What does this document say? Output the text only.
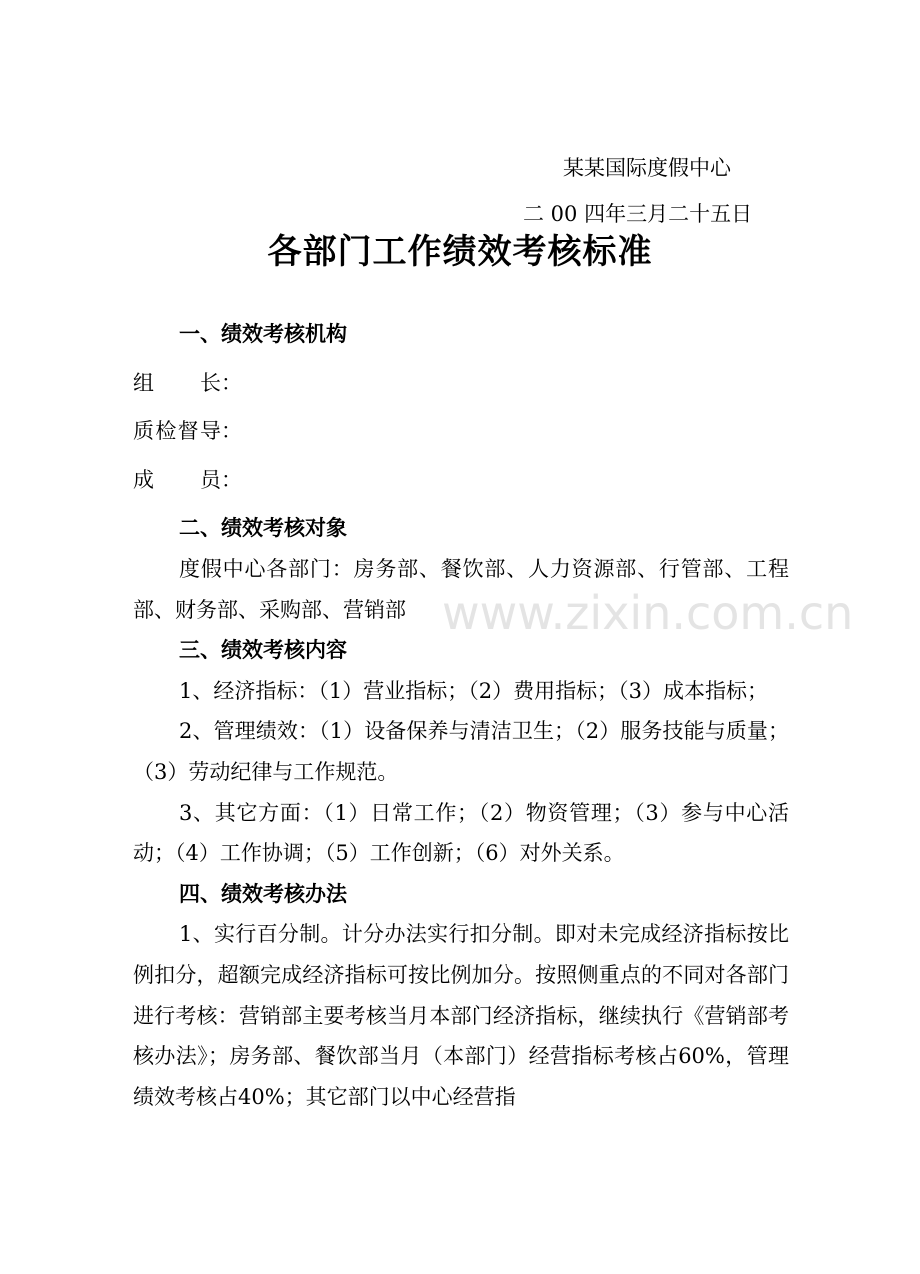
www.zixin.com.cn
某某国际度假中心
二 00 四年三月二十五日
各部门工作绩效考核标准
一、绩效考核机构
组 长：
质检督导：
成 员：
二、绩效考核对象
度假中心各部门：房务部、餐饮部、人力资源部、行管部、工程部、财务部、采购部、营销部
三、绩效考核内容
1、经济指标：（1）营业指标；（2）费用指标；（3）成本指标；
2、管理绩效：（1）设备保养与清洁卫生；（2）服务技能与质量；（3）劳动纪律与工作规范。
3、其它方面：（1）日常工作；（2）物资管理；（3）参与中心活动；（4）工作协调；（5）工作创新；（6）对外关系。
四、绩效考核办法
1、实行百分制。计分办法实行扣分制。即对未完成经济指标按比例扣分，超额完成经济指标可按比例加分。按照侧重点的不同对各部门进行考核：营销部主要考核当月本部门经济指标，继续执行《营销部考核办法》；房务部、餐饮部当月（本部门）经营指标考核占60%，管理绩效考核占40%；其它部门以中心经营指
